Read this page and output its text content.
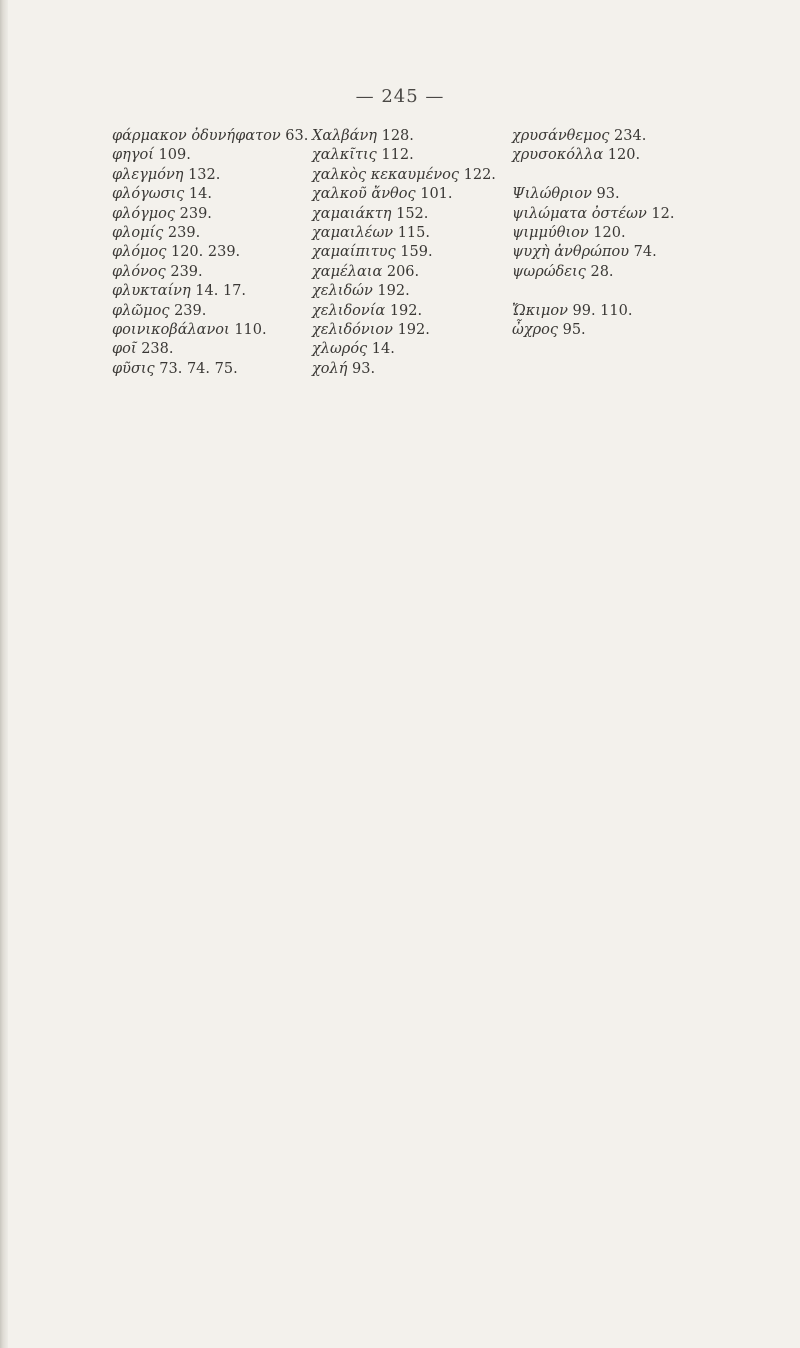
— 245 —
φάρμακον ὀδυνήφατον 63.
φηγοί 109.
φλεγμόνη 132.
φλόγωσις 14.
φλόγμος 239.
φλομίς 239.
φλόμος 120. 239.
φλόνος 239.
φλυκταίνη 14. 17.
φλῶμος 239.
φοινικοβάλανοι 110.
φοῖ 238.
φῦσις 73. 74. 75.
Χαλβάνη 128.
χαλκῖτις 112.
χαλκὸς κεκαυμένος 122.
χαλκοῦ ἄνθος 101.
χαμαιάκτη 152.
χαμαιλέων 115.
χαμαίπιτυς 159.
χαμέλαια 206.
χελιδών 192.
χελιδονία 192.
χελιδόνιον 192.
χλωρός 14.
χολή 93.
χρυσάνθεμος 234.
χρυσοκόλλα 120.
Ψιλώθριον 93.
ψιλώματα ὀστέων 12.
ψιμμύθιον 120.
ψυχὴ ἀνθρώπου 74.
ψωρώδεις 28.
Ὤκιμον 99. 110.
ὦχρος 95.
